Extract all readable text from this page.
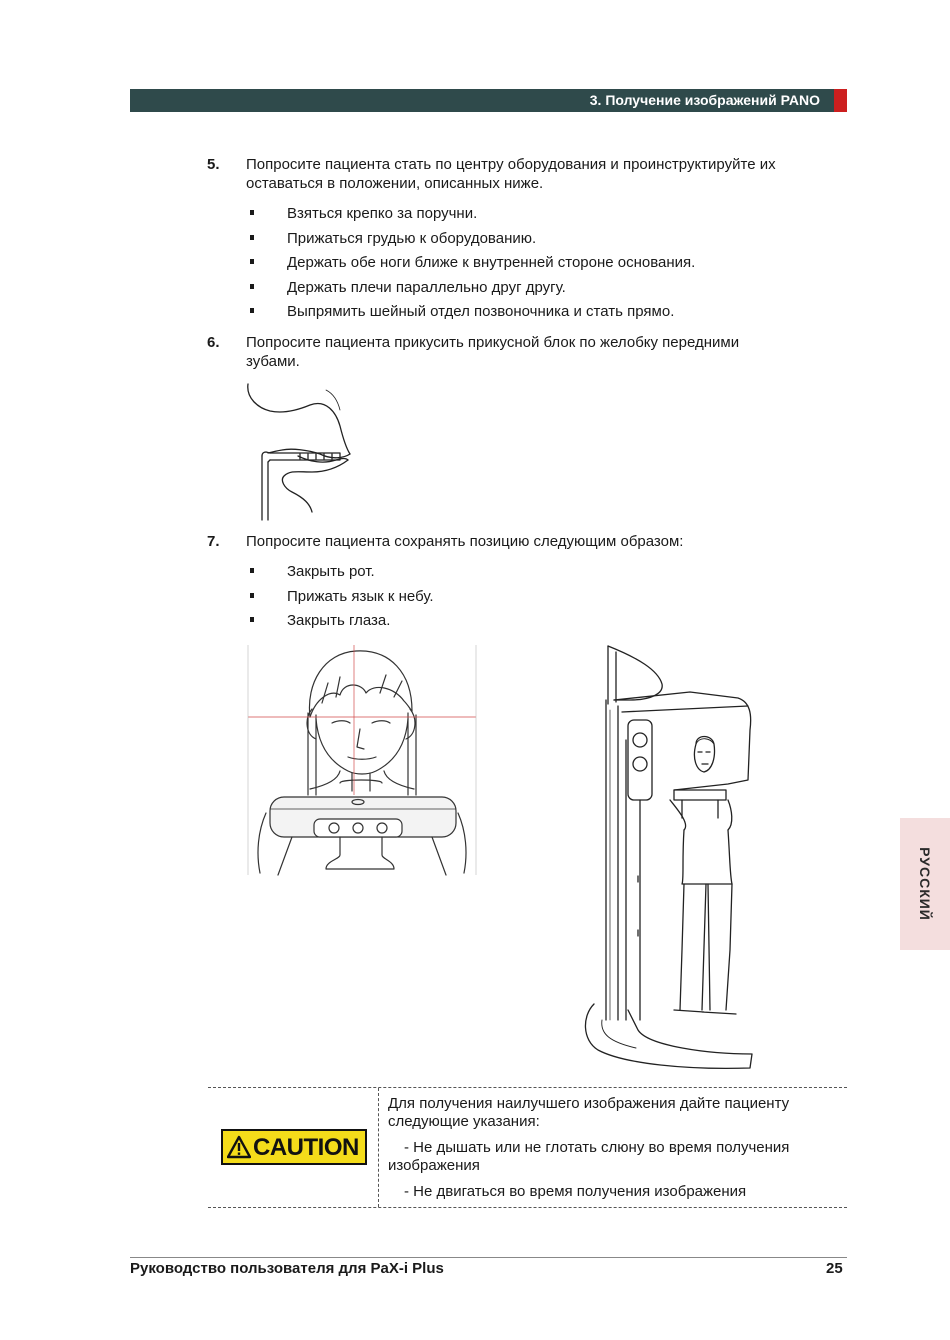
3. Получение изображений PANO
5. Попросите пациента стать по центру оборудования и проинструктируйте их
оставаться в положении, описанных ниже.
Взяться крепко за поручни.
Прижаться грудью к оборудованию.
Держать обе ноги ближе к внутренней стороне основания.
Держать плечи параллельно друг другу.
Выпрямить шейный отдел позвоночника и стать прямо.
6. Попросите пациента прикусить прикусной блок по желобку передними
зубами.
7. Попросите пациента сохранять позицию следующим образом:
Закрыть рот.
Прижать язык к небу.
Закрыть глаза.
РУССКИЙ
CAUTION
Для получения наилучшего изображения дайте пациенту
следующие указания:
- Не дышать или не глотать слюну во время получения
изображения
- Не двигаться во время получения изображения
Руководство пользователя для PaX-i Plus	25
